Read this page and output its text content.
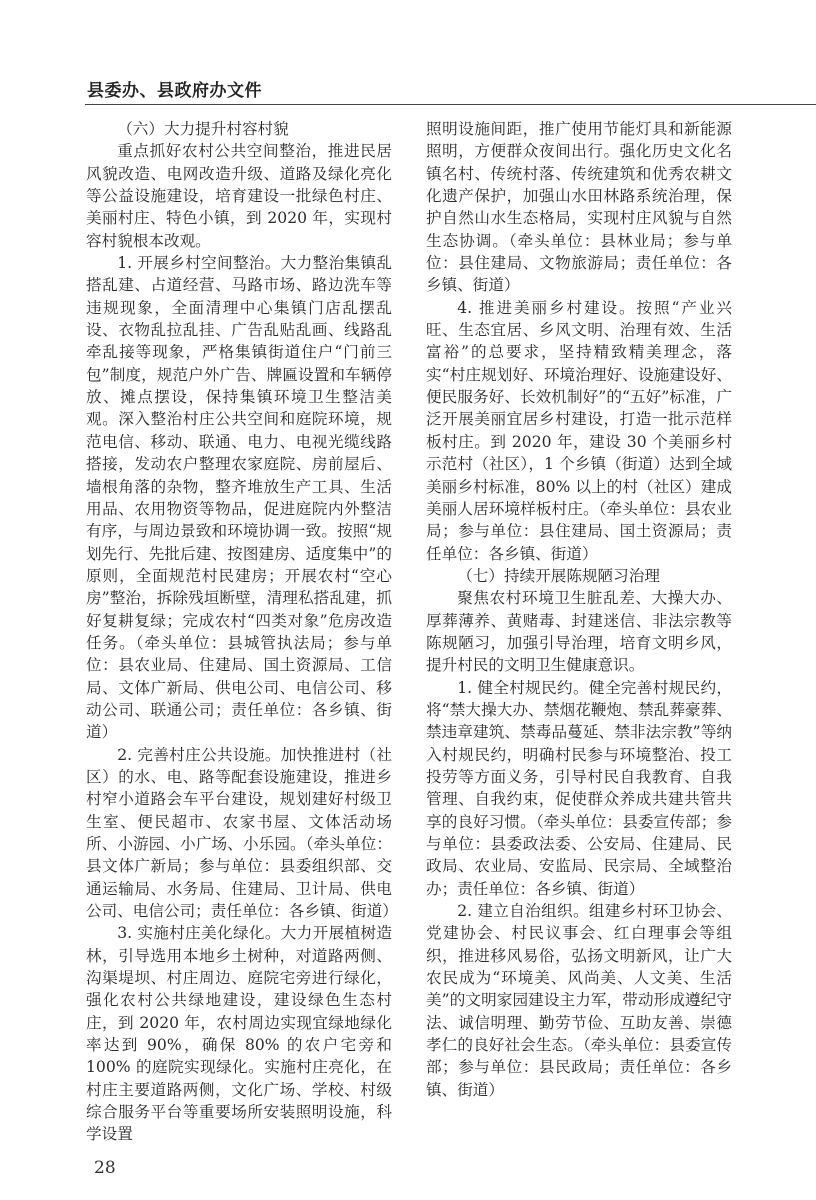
县委办、县政府办文件

（六）大力提升村容村貌

重点抓好农村公共空间整治，推进民居风貌改造、电网改造升级、道路及绿化亮化等公益设施建设，培育建设一批绿色村庄、美丽村庄、特色小镇，到 2020 年，实现村容村貌根本改观。

1. 开展乡村空间整治。大力整治集镇乱搭乱建、占道经营、马路市场、路边洗车等违规现象，全面清理中心集镇门店乱摆乱设、衣物乱拉乱挂、广告乱贴乱画、线路乱牵乱接等现象，严格集镇街道住户“门前三包”制度，规范户外广告、牌匾设置和车辆停放、摊点摆设，保持集镇环境卫生整洁美观。深入整治村庄公共空间和庭院环境，规范电信、移动、联通、电力、电视光缆线路搭接，发动农户整理农家庭院、房前屋后、墙根角落的杂物，整齐堆放生产工具、生活用品、农用物资等物品，促进庭院内外整洁有序，与周边景致和环境协调一致。按照“规划先行、先批后建、按图建房、适度集中”的原则，全面规范村民建房；开展农村“空心房”整治，拆除残垣断壁，清理私搭乱建，抓好复耕复绿；完成农村“四类对象”危房改造任务。（牵头单位：县城管执法局；参与单位：县农业局、住建局、国土资源局、工信局、文体广新局、供电公司、电信公司、移动公司、联通公司；责任单位：各乡镇、街道）

2. 完善村庄公共设施。加快推进村（社区）的水、电、路等配套设施建设，推进乡村窄小道路会车平台建设，规划建好村级卫生室、便民超市、农家书屋、文体活动场所、小游园、小广场、小乐园。（牵头单位：县文体广新局；参与单位：县委组织部、交通运输局、水务局、住建局、卫计局、供电公司、电信公司；责任单位：各乡镇、街道）

3. 实施村庄美化绿化。大力开展植树造林，引导选用本地乡土树种，对道路两侧、沟渠堤坝、村庄周边、庭院宅旁进行绿化，强化农村公共绿地建设，建设绿色生态村庄，到 2020 年，农村周边实现宜绿地绿化率达到 90%，确保 80% 的农户宅旁和 100% 的庭院实现绿化。实施村庄亮化，在村庄主要道路两侧，文化广场、学校、村级综合服务平台等重要场所安装照明设施，科学设置

28

照明设施间距，推广使用节能灯具和新能源照明，方便群众夜间出行。强化历史文化名镇名村、传统村落、传统建筑和优秀农耕文化遗产保护，加强山水田林路系统治理，保护自然山水生态格局，实现村庄风貌与自然生态协调。（牵头单位：县林业局；参与单位：县住建局、文物旅游局；责任单位：各乡镇、街道）

4. 推进美丽乡村建设。按照“产业兴旺、生态宜居、乡风文明、治理有效、生活富裕”的总要求，坚持精致精美理念，落实“村庄规划好、环境治理好、设施建设好、便民服务好、长效机制好”的“五好”标准，广泛开展美丽宜居乡村建设，打造一批示范样板村庄。到 2020 年，建设 30 个美丽乡村示范村（社区），1 个乡镇（街道）达到全域美丽乡村标准，80% 以上的村（社区）建成美丽人居环境样板村庄。（牵头单位：县农业局；参与单位：县住建局、国土资源局；责任单位：各乡镇、街道）

（七）持续开展陈规陋习治理

聚焦农村环境卫生脏乱差、大操大办、厚葬薄养、黄赌毒、封建迷信、非法宗教等陈规陋习，加强引导治理，培育文明乡风，提升村民的文明卫生健康意识。

1. 健全村规民约。健全完善村规民约，将“禁大操大办、禁烟花鞭炮、禁乱葬豪葬、禁违章建筑、禁毒品蔓延、禁非法宗教”等纳入村规民约，明确村民参与环境整治、投工投劳等方面义务，引导村民自我教育、自我管理、自我约束，促使群众养成共建共管共享的良好习惯。（牵头单位：县委宣传部；参与单位：县委政法委、公安局、住建局、民政局、农业局、安监局、民宗局、全域整治办；责任单位：各乡镇、街道）

2. 建立自治组织。组建乡村环卫协会、党建协会、村民议事会、红白理事会等组织，推进移风易俗，弘扬文明新风，让广大农民成为“环境美、风尚美、人文美、生活美”的文明家园建设主力军，带动形成遵纪守法、诚信明理、勤劳节俭、互助友善、崇德孝仁的良好社会生态。（牵头单位：县委宣传部；参与单位：县民政局；责任单位：各乡镇、街道）
